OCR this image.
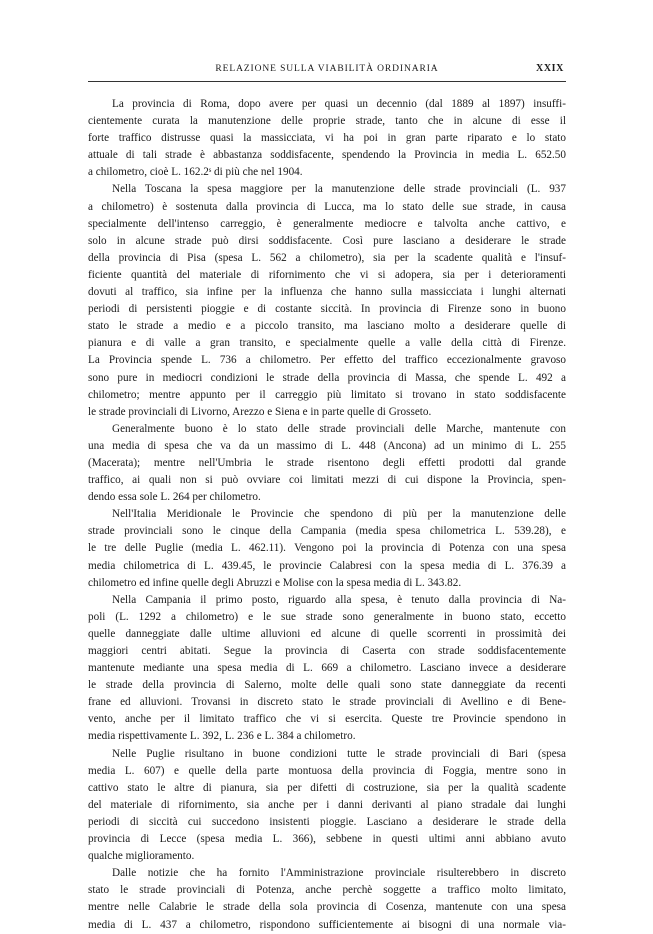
RELAZIONE SULLA VIABILITÀ ORDINARIA	XXIX
La provincia di Roma, dopo avere per quasi un decennio (dal 1889 al 1897) insuffi-
cientemente curata la manutenzione delle proprie strade, tanto che in alcune di esse il
forte traffico distrusse quasi la massicciata, vi ha poi in gran parte riparato e lo stato
attuale di tali strade è abbastanza soddisfacente, spendendo la Provincia in media L. 652.50
a chilometro, cioè L. 162.2ˢ di più che nel 1904.
Nella Toscana la spesa maggiore per la manutenzione delle strade provinciali (L. 937
a chilometro) è sostenuta dalla provincia di Lucca, ma lo stato delle sue strade, in causa
specialmente dell'intenso carreggio, è generalmente mediocre e talvolta anche cattivo, e
solo in alcune strade può dirsi soddisfacente. Così pure lasciano a desiderare le strade
della provincia di Pisa (spesa L. 562 a chilometro), sia per la scadente qualità e l'insuf-
ficiente quantità del materiale di rifornimento che vi si adopera, sia per i deterioramenti
dovuti al traffico, sia infine per la influenza che hanno sulla massicciata i lunghi alternati
periodi di persistenti pioggie e di costante siccità. In provincia di Firenze sono in buono
stato le strade a medio e a piccolo transito, ma lasciano molto a desiderare quelle di
pianura e di valle a gran transito, e specialmente quelle a valle della città di Firenze.
La Provincia spende L. 736 a chilometro. Per effetto del traffico eccezionalmente gravoso
sono pure in mediocri condizioni le strade della provincia di Massa, che spende L. 492 a
chilometro; mentre appunto per il carreggio più limitato si trovano in stato soddisfacente
le strade provinciali di Livorno, Arezzo e Siena e in parte quelle di Grosseto.
Generalmente buono è lo stato delle strade provinciali delle Marche, mantenute con
una media di spesa che va da un massimo di L. 448 (Ancona) ad un minimo di L. 255
(Macerata); mentre nell'Umbria le strade risentono degli effetti prodotti dal grande
traffico, ai quali non si può ovviare coi limitati mezzi di cui dispone la Provincia, spen-
dendo essa sole L. 264 per chilometro.
Nell'Italia Meridionale le Provincie che spendono di più per la manutenzione delle
strade provinciali sono le cinque della Campania (media spesa chilometrica L. 539.28), e
le tre delle Puglie (media L. 462.11). Vengono poi la provincia di Potenza con una spesa
media chilometrica di L. 439.45, le provincie Calabresi con la spesa media di L. 376.39 a
chilometro ed infine quelle degli Abruzzi e Molise con la spesa media di L. 343.82.
Nella Campania il primo posto, riguardo alla spesa, è tenuto dalla provincia di Na-
poli (L. 1292 a chilometro) e le sue strade sono generalmente in buono stato, eccetto
quelle danneggiate dalle ultime alluvioni ed alcune di quelle scorrenti in prossimità dei
maggiori centri abitati. Segue la provincia di Caserta con strade soddisfacentemente
mantenute mediante una spesa media di L. 669 a chilometro. Lasciano invece a desiderare
le strade della provincia di Salerno, molte delle quali sono state danneggiate da recenti
frane ed alluvioni. Trovansi in discreto stato le strade provinciali di Avellino e di Bene-
vento, anche per il limitato traffico che vi si esercita. Queste tre Provincie spendono in
media rispettivamente L. 392, L. 236 e L. 384 a chilometro.
Nelle Puglie risultano in buone condizioni tutte le strade provinciali di Bari (spesa
media L. 607) e quelle della parte montuosa della provincia di Foggia, mentre sono in
cattivo stato le altre di pianura, sia per difetti di costruzione, sia per la qualità scadente
del materiale di rifornimento, sia anche per i danni derivanti al piano stradale dai lunghi
periodi di siccità cui succedono insistenti pioggie. Lasciano a desiderare le strade della
provincia di Lecce (spesa media L. 366), sebbene in questi ultimi anni abbiano avuto
qualche miglioramento.
Dalle notizie che ha fornito l'Amministrazione provinciale risulterebbero in discreto
stato le strade provinciali di Potenza, anche perchè soggette a traffico molto limitato,
mentre nelle Calabrie le strade della sola provincia di Cosenza, mantenute con una spesa
media di L. 437 a chilometro, rispondono sufficientemente ai bisogni di una normale via-
